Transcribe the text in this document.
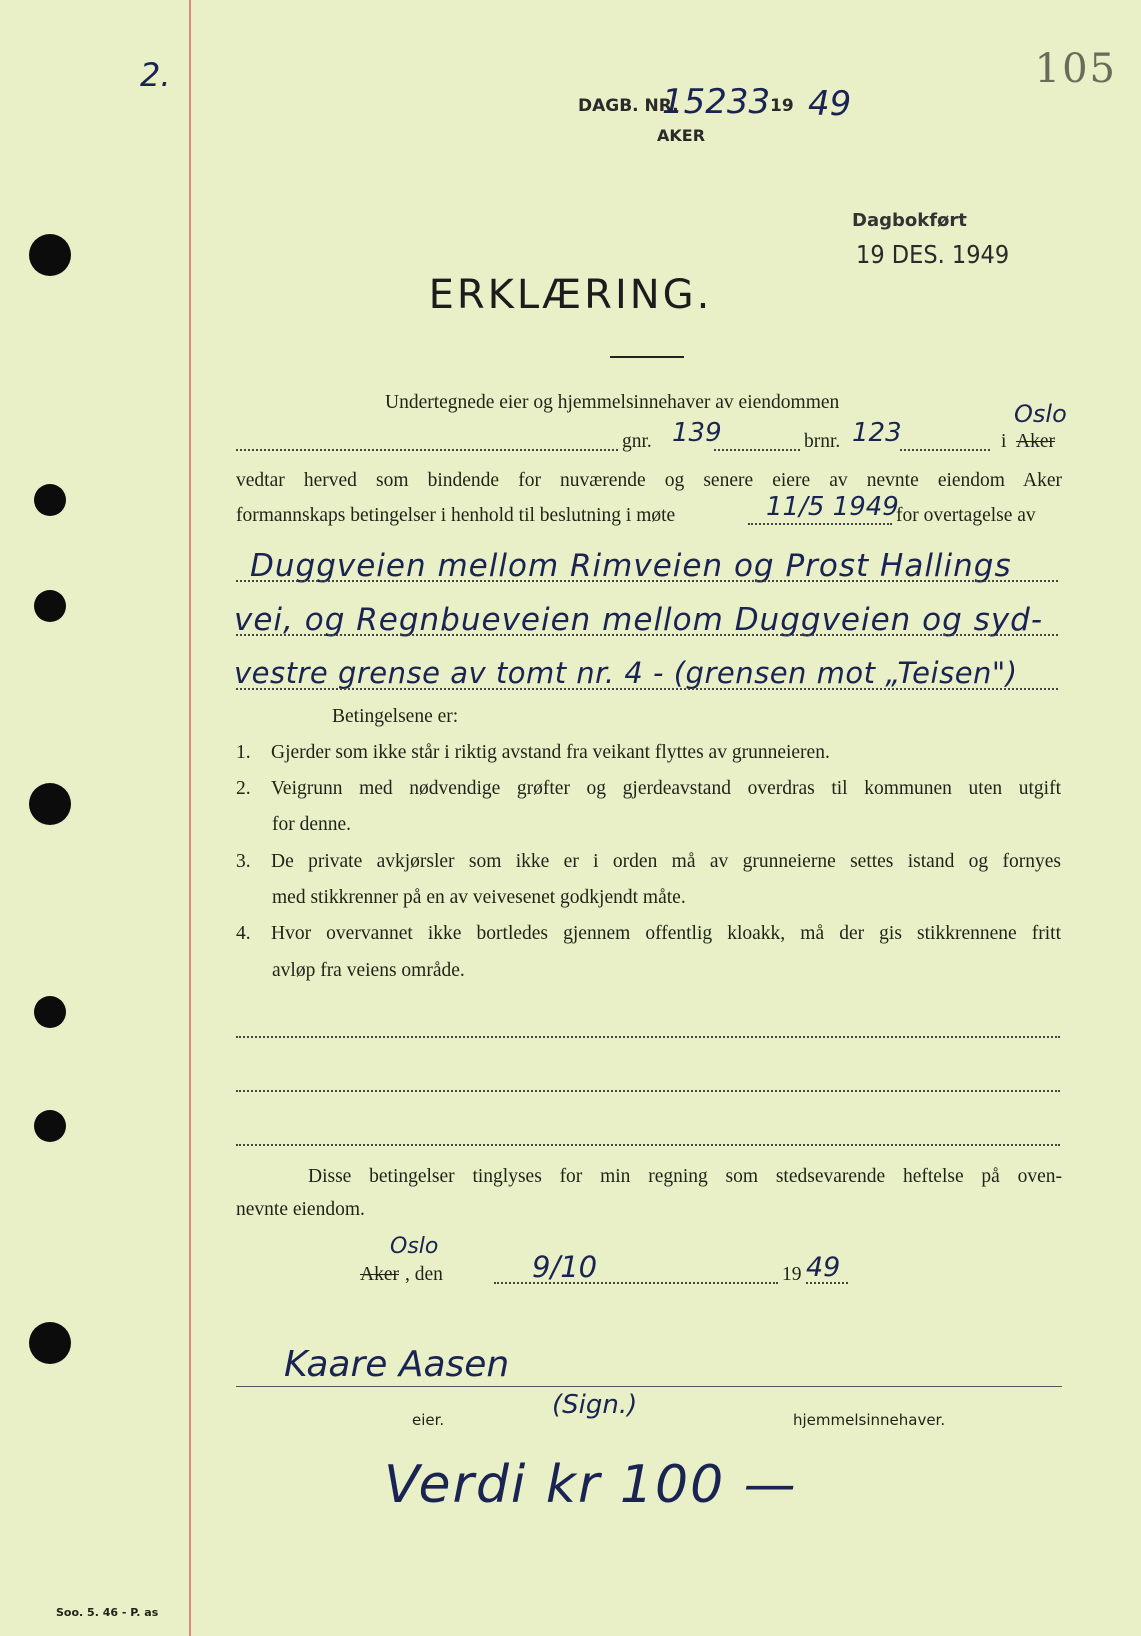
2.	105
DAGB. NR.
15233 19 49
AKER
Dagbokført
19 DES. 1949
ERKLÆRING.
Undertegnede eier og hjemmelsinnehaver av eiendommen
gnr. 139	brnr. 123	i Aker
Oslo
vedtar herved som bindende for nuværende og senere eiere av nevnte eiendom Aker
formannskaps betingelser i henhold til beslutning i møte	11/5 1949
for overtagelse av
Duggveien mellom Rimveien og Prost Hallings
vei, og Regnbueveien mellom Duggveien og syd-
vestre grense av tomt nr. 4 - (grensen mot „Teisen")
Betingelsene er:
1. Gjerder som ikke står i riktig avstand fra veikant flyttes av grunneieren.
2. Veigrunn med nødvendige grøfter og gjerdeavstand overdras til kommunen uten utgift
for denne.
3. De private avkjørsler som ikke er i orden må av grunneierne settes istand og fornyes
med stikkrenner på en av veivesenet godkjendt måte.
4. Hvor overvannet ikke bortledes gjennem offentlig kloakk, må der gis stikkrennene fritt
avløp fra veiens område.
Disse betingelser tinglyses for min regning som stedsevarende heftelse på oven-
nevnte eiendom.
Oslo
Aker , den	9/10	19 49
Kaare Aasen
(Sign.)
eier.	hjemmelsinnehaver.
Verdi kr 100 —
Soo. 5. 46 - P. as
